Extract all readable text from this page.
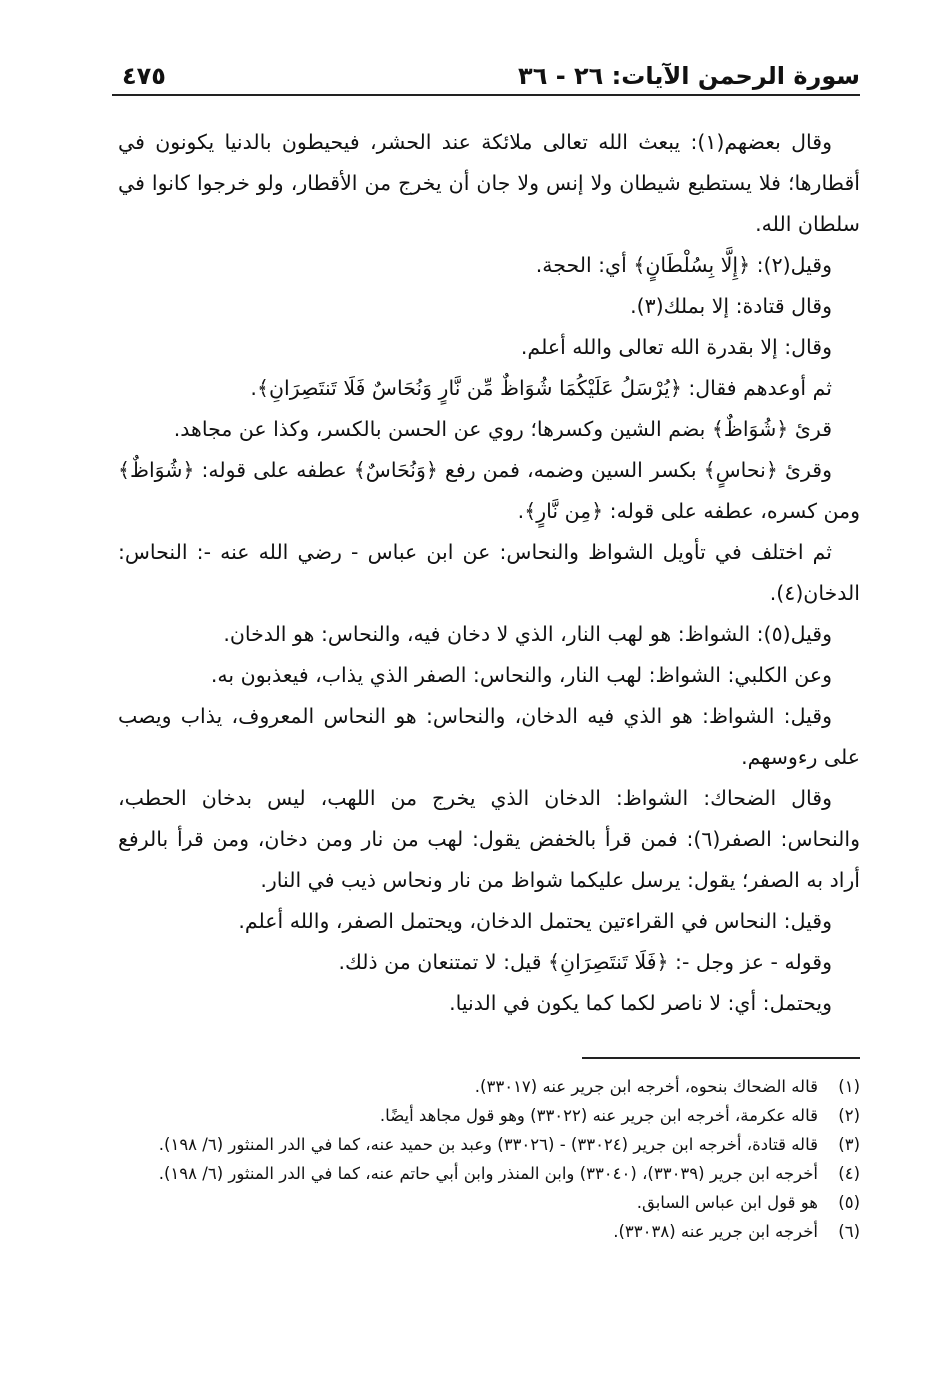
سورة الرحمن الآيات: ٢٦ - ٣٦
٤٧٥

وقال بعضهم(١): يبعث الله تعالى ملائكة عند الحشر، فيحيطون بالدنيا يكونون في أقطارها؛ فلا يستطيع شيطان ولا إنس ولا جان أن يخرج من الأقطار، ولو خرجوا كانوا في سلطان الله.

وقيل(٢): ﴿إِلَّا بِسُلْطَانٍ﴾ أي: الحجة.

وقال قتادة: إلا بملك(٣).

وقال: إلا بقدرة الله تعالى والله أعلم.

ثم أوعدهم فقال: ﴿يُرْسَلُ عَلَيْكُمَا شُوَاظٌ مِّن نَّارٍ وَنُحَاسٌ فَلَا تَنتَصِرَانِ﴾.

قرئ ﴿شُوَاظٌ﴾ بضم الشين وكسرها؛ روي عن الحسن بالكسر، وكذا عن مجاهد.

وقرئ ﴿نحاسٍ﴾ بكسر السين وضمه، فمن رفع ﴿وَنُحَاسٌ﴾ عطفه على قوله: ﴿شُوَاظٌ﴾ ومن كسره، عطفه على قوله: ﴿مِن نَّارٍ﴾.

ثم اختلف في تأويل الشواظ والنحاس: عن ابن عباس - رضي الله عنه -: النحاس: الدخان(٤).

وقيل(٥): الشواظ: هو لهب النار، الذي لا دخان فيه، والنحاس: هو الدخان.

وعن الكلبي: الشواظ: لهب النار، والنحاس: الصفر الذي يذاب، فيعذبون به.

وقيل: الشواظ: هو الذي فيه الدخان، والنحاس: هو النحاس المعروف، يذاب ويصب على رءوسهم.

وقال الضحاك: الشواظ: الدخان الذي يخرج من اللهب، ليس بدخان الحطب، والنحاس: الصفر(٦): فمن قرأ بالخفض يقول: لهب من نار ومن دخان، ومن قرأ بالرفع أراد به الصفر؛ يقول: يرسل عليكما شواظ من نار ونحاس ذيب في النار.

وقيل: النحاس في القراءتين يحتمل الدخان، ويحتمل الصفر، والله أعلم.

وقوله - عز وجل -: ﴿فَلَا تَنتَصِرَانِ﴾ قيل: لا تمتنعان من ذلك.

ويحتمل: أي: لا ناصر لكما كما يكون في الدنيا.

(١)
قاله الضحاك بنحوه، أخرجه ابن جرير عنه (٣٣٠١٧).
(٢)
قاله عكرمة، أخرجه ابن جرير عنه (٣٣٠٢٢) وهو قول مجاهد أيضًا.
(٣)
قاله قتادة، أخرجه ابن جرير (٣٣٠٢٤) - (٣٣٠٢٦) وعبد بن حميد عنه، كما في الدر المنثور (٦/ ١٩٨).
(٤)
أخرجه ابن جرير (٣٣٠٣٩)، (٣٣٠٤٠) وابن المنذر وابن أبي حاتم عنه، كما في الدر المنثور (٦/ ١٩٨).
(٥)
هو قول ابن عباس السابق.
(٦)
أخرجه ابن جرير عنه (٣٣٠٣٨).
